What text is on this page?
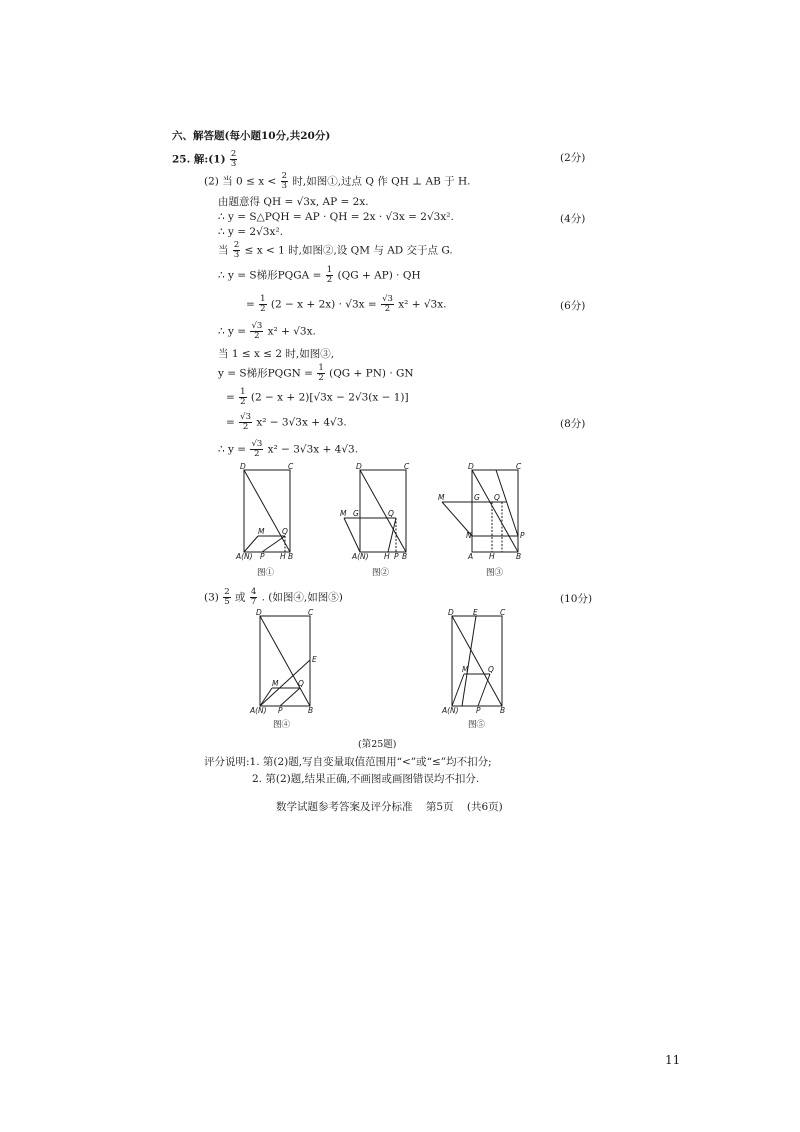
六、解答题(每小题10分,共20分)
25. 解:(1) $\frac{2}{3}$	(2分)
(2) 当 $0 \le x < \frac{2}{3}$ 时,如图①,过点 Q 作 QH ⊥ AB 于 H.
由题意得 QH = √3x, AP = 2x.
∴ y = S△PQH = AP · QH = 2x · √3x = 2√3x².	(4分)
∴ y = 2√3x².
当 $\frac{2}{3} \le x < 1$ 时,如图②,设 QM 与 AD 交于点 G.
∴ y = S梯形PQGA = $\frac{1}{2} (QG + AP)$ · QH
= $\frac{1}{2} (2 - x + 2x) \cdot √3x = \frac{√3}{2} x^2 + √3x$.	(6分)
∴ $y = \frac{√3}{2} x^2 + √3x$.
当 1 ≤ x ≤ 2 时,如图③,
y = S梯形PQGN = $\frac{1}{2} (QG + PN)$ · GN
= $\frac{1}{2} (2 - x + 2)[√3x - 2√3(x - 1)]$
= $\frac{√3}{2} x^2 - 3√3x + 4√3$.	(8分)
∴ $y = \frac{√3}{2} x^2 - 3√3x + 4√3$.
D	C
M Q
A(N) P H B
图①
D	C
M G	Q
A(N) H P B
图②
D	C
M	G Q
N	P
A H	B
图③
$(3) \frac{2}{5}$ 或 $\frac{4}{7}$ . (如图④,如图⑤)	(10分)
D	C
E
M	Q
A(N) P	B
图④
D	E	C
M	Q
A(N) P	B
图⑤
(第25题)
评分说明:1. 第(2)题,写自变量取值范围用“<”或“≤”均不扣分;
2. 第(2)题,结果正确,不画图或画图错误均不扣分.
数学试题参考答案及评分标准    第5页    (共6页)
11
